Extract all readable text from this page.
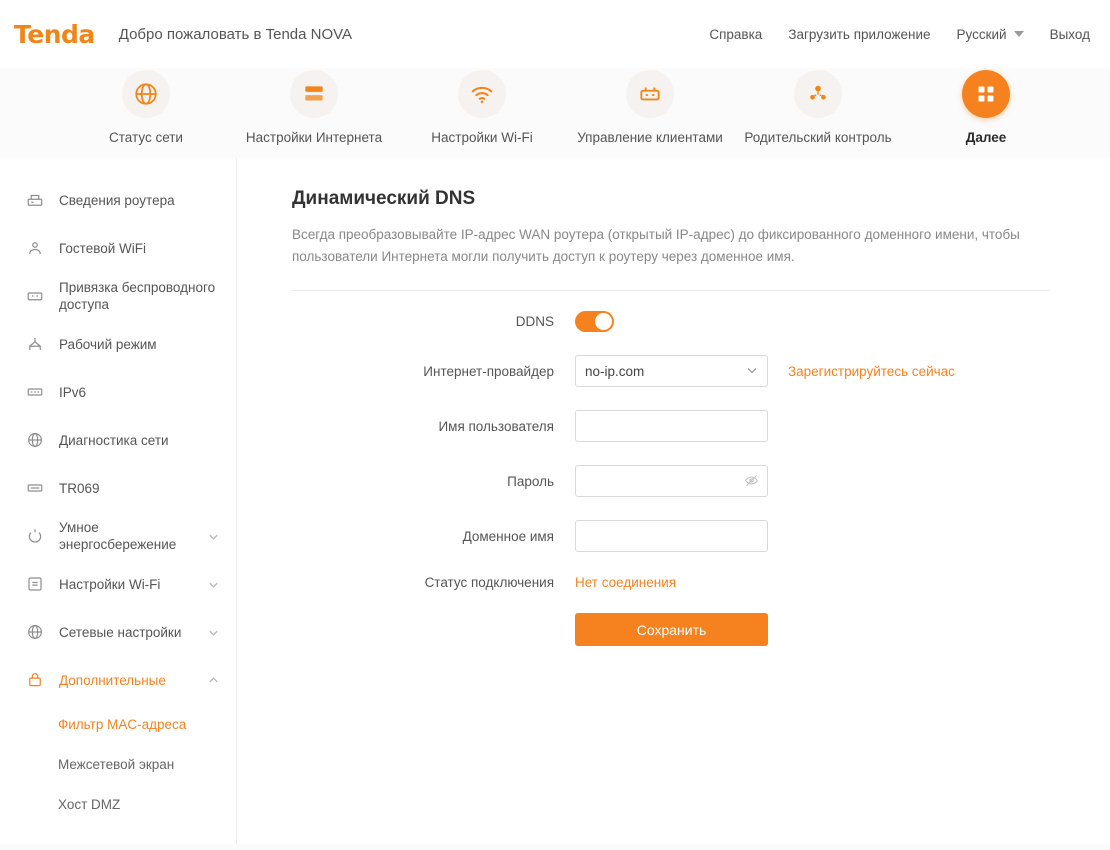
Tenda Добро пожаловать в Tenda NOVA	Справка Загрузить приложение Русский	Выход
Статус сети	Настройки Интернета	Настройки Wi-Fi	Управление клиентами	Родительский контроль	Далее
Сведения роутера
Гостевой WiFi
Привязка беспроводного доступа
Рабочий режим
IPv6
Диагностика сети
TR069
Умное энергосбережение
Настройки Wi-Fi
Сетевые настройки
Дополнительные
Фильтр MAC-адреса
Межсетевой экран
Хост DMZ
Динамический DNS
Всегда преобразовывайте IP-адрес WAN роутера (открытый IP-адрес) до фиксированного доменного имени, чтобы пользователи Интернета могли получить доступ к роутеру через доменное имя.
DDNS
Интернет-провайдер	no-ip.com	Зарегистрируйтесь сейчас
Имя пользователя
Пароль
Доменное имя
Статус подключения	Нет соединения
Сохранить
